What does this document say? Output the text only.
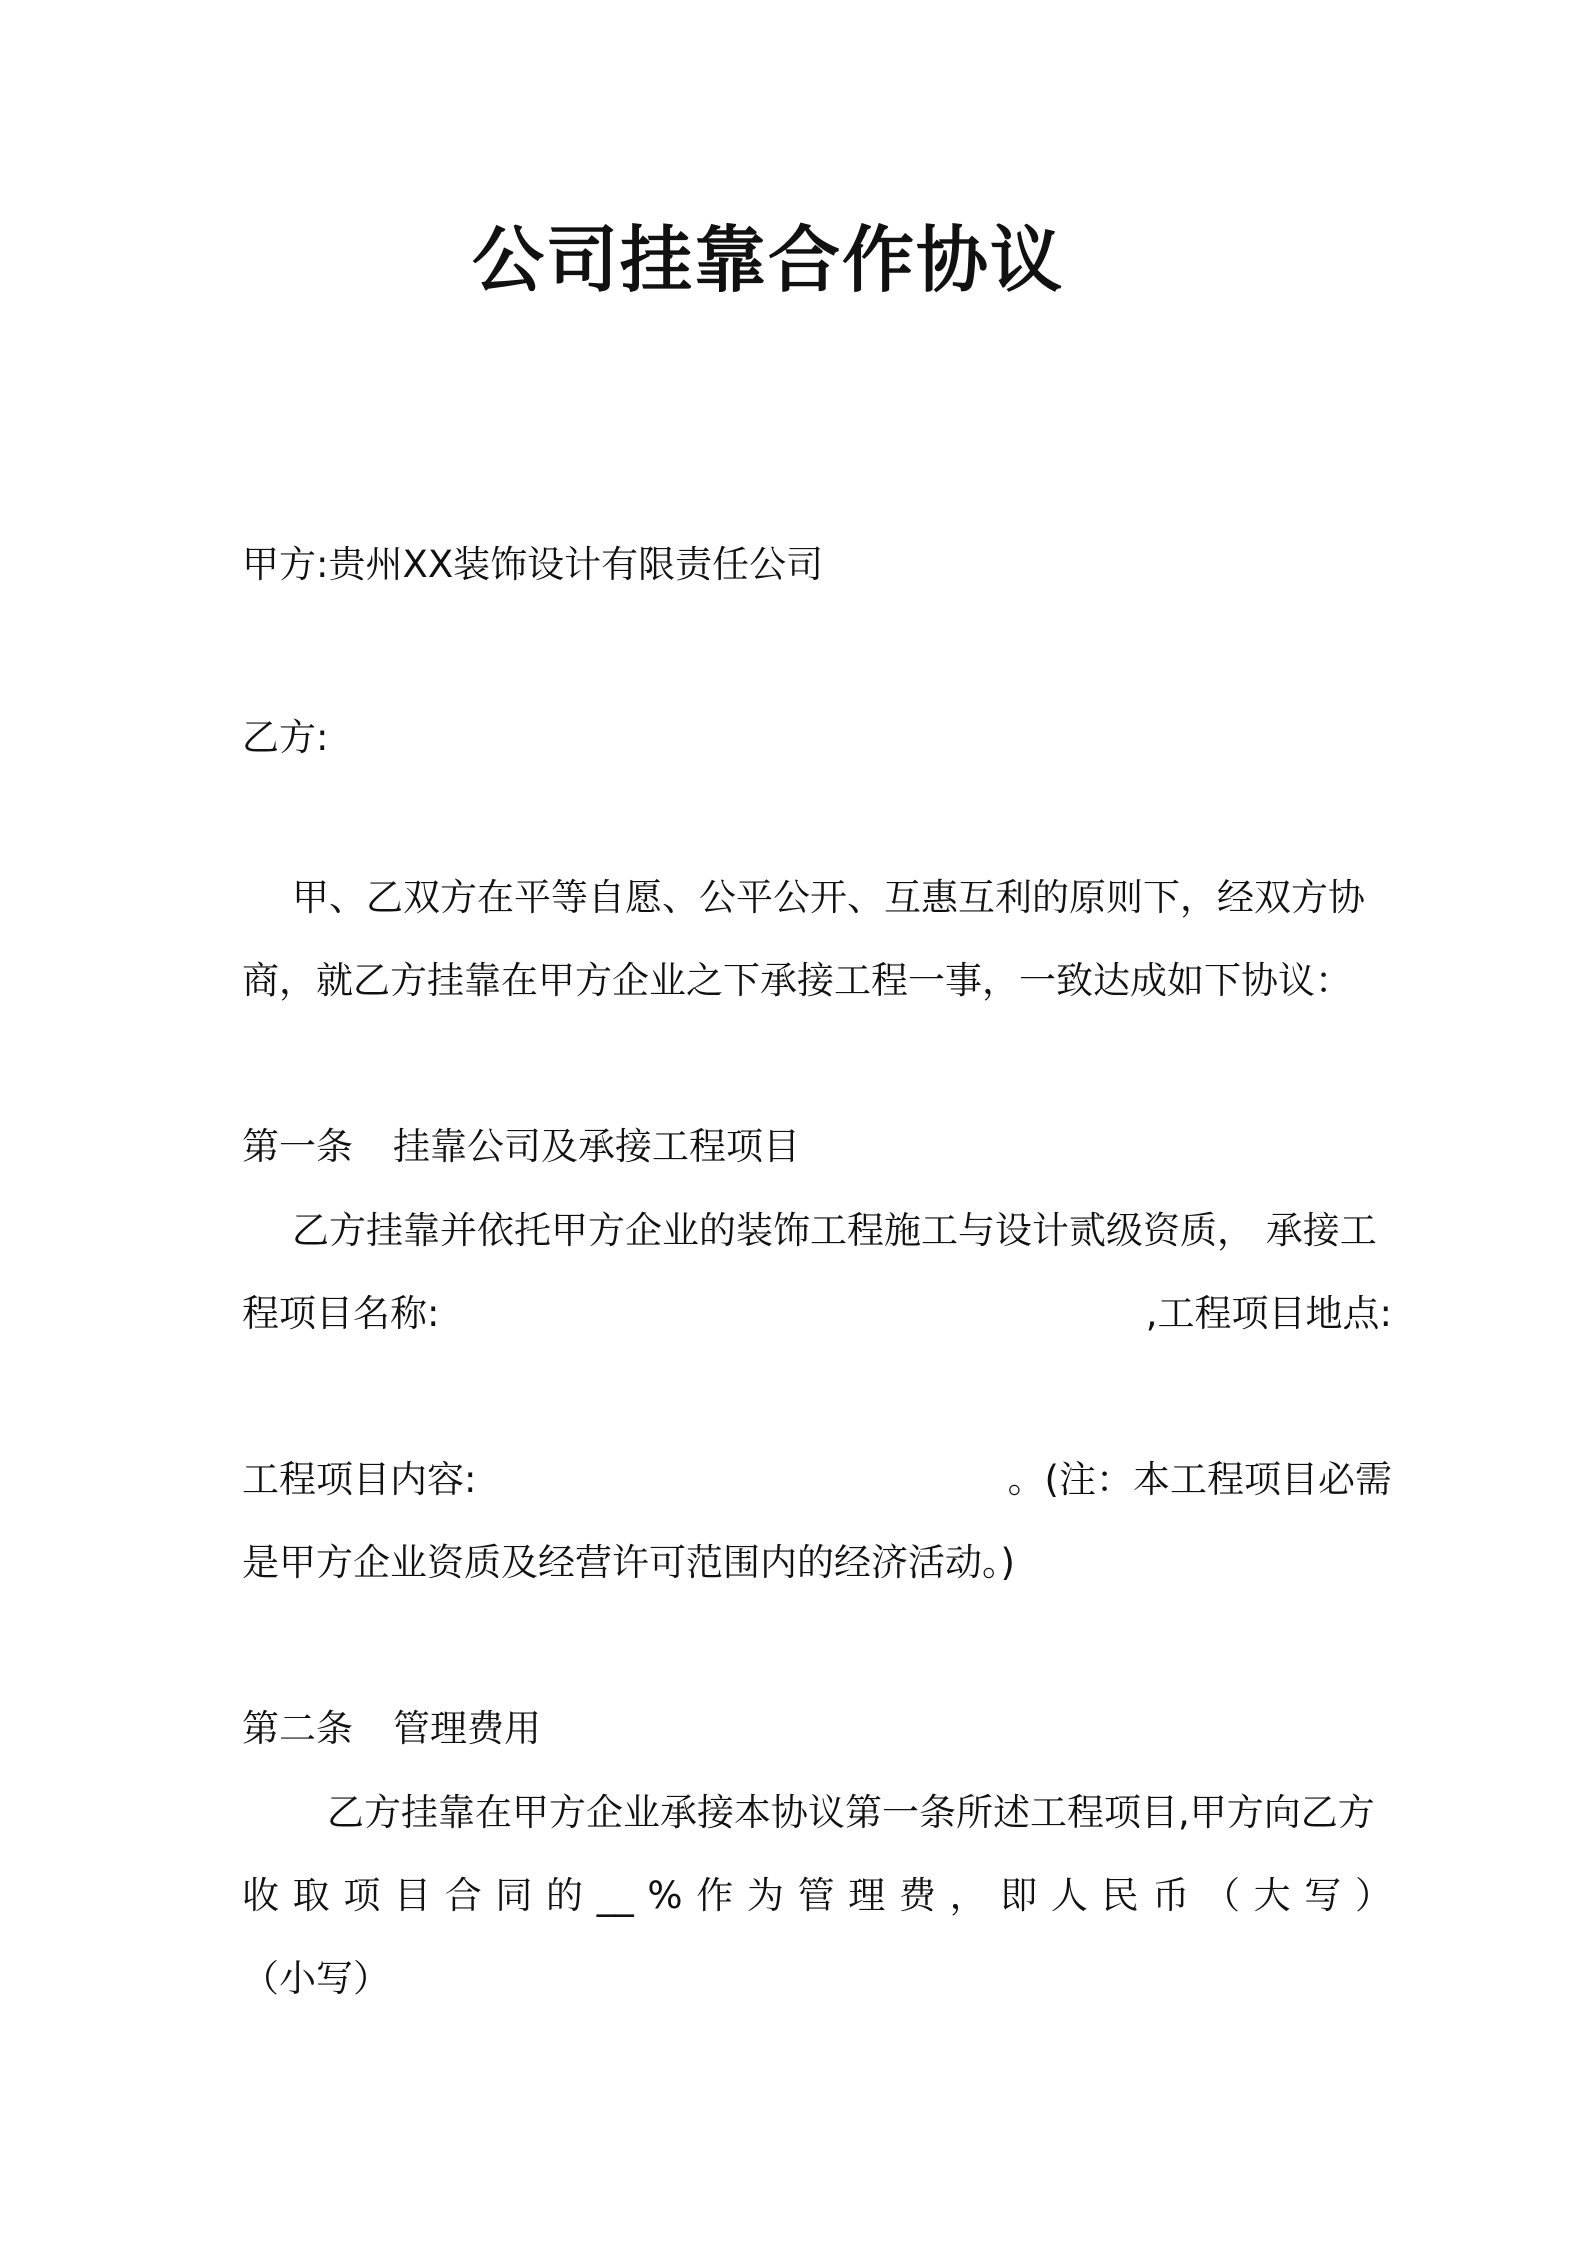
公司挂靠合作协议
甲方:贵州XX装饰设计有限责任公司
乙方:
甲、乙双方在平等自愿、公平公开、互惠互利的原则下，经双方协
商，就乙方挂靠在甲方企业之下承接工程一事，一致达成如下协议：
第一条 挂靠公司及承接工程项目
乙方挂靠并依托甲方企业的装饰工程施工与设计贰级资质， 承接工
程项目名称:	,工程项目地点:
工程项目内容:	。(注：本工程项目必需
是甲方企业资质及经营许可范围内的经济活动。)
第二条 管理费用
乙方挂靠在甲方企业承接本协议第一条所述工程项目,甲方向乙方
收 取 项 目 合 同 的 __ % 作 为 管 理 费 ， 即 人 民 币 （ 大 写 ）
（小写）
